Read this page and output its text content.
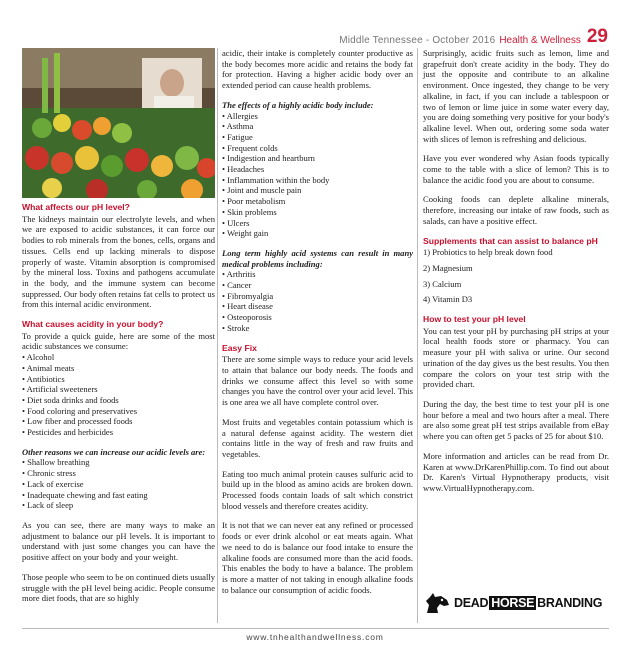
Middle Tennessee - October 2016 Health & Wellness 29
What affects our pH level?

The kidneys maintain our electrolyte levels, and when we are exposed to acidic substances, it can force our bodies to rob minerals from the bones, cells, organs and tissues. Cells end up lacking minerals to dispose properly of waste. Vitamin absorption is compromised by the mineral loss. Toxins and pathogens accumulate in the body, and the immune system can become suppressed. Our body often retains fat cells to protect us from this internal acidic environment.

What causes acidity in your body?

To provide a quick guide, here are some of the most acidic substances we consume:

• Alcohol
• Animal meats
• Antibiotics
• Artificial sweeteners
• Diet soda drinks and foods
• Food coloring and preservatives
• Low fiber and processed foods
• Pesticides and herbicides

Other reasons we can increase our acidic levels are:

• Shallow breathing
• Chronic stress
• Lack of exercise
• Inadequate chewing and fast eating
• Lack of sleep

As you can see, there are many ways to make an adjustment to balance our pH levels. It is important to understand with just some changes you can have the positive affect on your body and your weight.

Those people who seem to be on continued diets usually struggle with the pH level being acidic. People consume more diet foods, that are so highly

acidic, their intake is completely counter productive as the body becomes more acidic and retains the body fat for protection. Having a higher acidic body over an extended period can cause health problems.

The effects of a highly acidic body include:

• Allergies
• Asthma
• Fatigue
• Frequent colds
• Indigestion and heartburn
• Headaches
• Inflammation within the body
• Joint and muscle pain
• Poor metabolism
• Skin problems
• Ulcers
• Weight gain

Long term highly acid systems can result in many medical problems including:

• Arthritis
• Cancer
• Fibromyalgia
• Heart disease
• Osteoporosis
• Stroke
Easy Fix

There are some simple ways to reduce your acid levels to attain that balance our body needs. The foods and drinks we consume affect this level so with some changes you have the control over your acid level. This is one area we all have complete control over.

Most fruits and vegetables contain potassium which is a natural defense against acidity. The western diet contains little in the way of fresh and raw fruits and vegetables.

Eating too much animal protein causes sulfuric acid to build up in the blood as amino acids are broken down. Processed foods contain loads of salt which constrict blood vessels and therefore creates acidity.

It is not that we can never eat any refined or processed foods or ever drink alcohol or eat meats again. What we need to do is balance our food intake to ensure the alkaline foods are consumed more than the acid foods. This enables the body to have a balance. The problem is more a matter of not taking in enough alkaline foods to balance our consumption of acidic foods.

Surprisingly, acidic fruits such as lemon, lime and grapefruit don't create acidity in the body. They do just the opposite and contribute to an alkaline environment. Once ingested, they change to be very alkaline, in fact, if you can include a tablespoon or two of lemon or lime juice in some water every day, you are doing something very positive for your body's alkaline level. When out, ordering some soda water with slices of lemon is refreshing and delicious.

Have you ever wondered why Asian foods typically come to the table with a slice of lemon? This is to balance the acidic food you are about to consume.

Cooking foods can deplete alkaline minerals, therefore, increasing our intake of raw foods, such as salads, can have a positive effect.

Supplements that can assist to balance pH

1) Probiotics to help break down food

2) Magnesium

3) Calcium

4) Vitamin D3

How to test your pH level

You can test your pH by purchasing pH strips at your local health foods store or pharmacy. You can measure your pH with saliva or urine. Our second urination of the day gives us the best results. You then compare the colors on your test strip with the provided chart.

During the day, the best time to test your pH is one hour before a meal and two hours after a meal. There are also some great pH test strips available from eBay where you can often get 5 packs of 25 for about $10.

More information and articles can be read from Dr. Karen at www.DrKarenPhillip.com. To find out about Dr. Karen's Virtual Hypnotherapy products, visit www.VirtualHypnotherapy.com.

DEAD HORSE BRANDING
www.tnhealthandwellness.com
